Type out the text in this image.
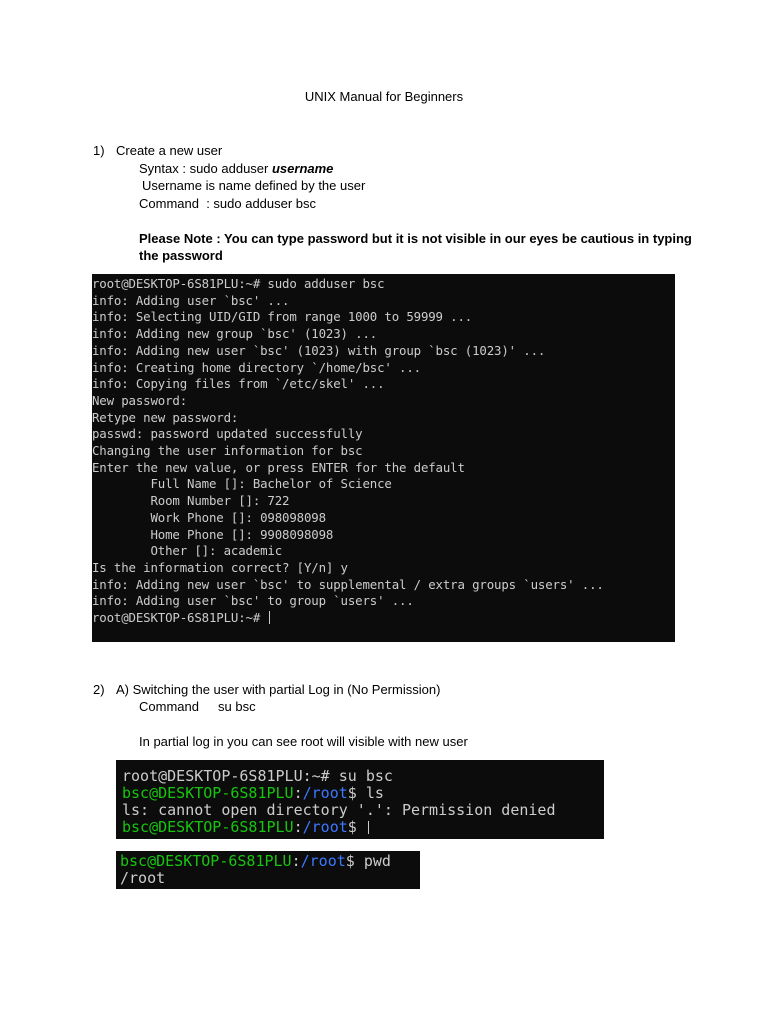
UNIX Manual for Beginners
1) Create a new user
Syntax : sudo adduser username
Username is name defined by the user
Command  : sudo adduser bsc
Please Note : You can type password but it is not visible in our eyes be cautious in typing
the password
root@DESKTOP-6S81PLU:~# sudo adduser bsc
info: Adding user `bsc' ...
info: Selecting UID/GID from range 1000 to 59999 ...
info: Adding new group `bsc' (1023) ...
info: Adding new user `bsc' (1023) with group `bsc (1023)' ...
info: Creating home directory `/home/bsc' ...
info: Copying files from `/etc/skel' ...
New password:
Retype new password:
passwd: password updated successfully
Changing the user information for bsc
Enter the new value, or press ENTER for the default
Full Name []: Bachelor of Science
Room Number []: 722
Work Phone []: 098098098
Home Phone []: 9908098098
Other []: academic
Is the information correct? [Y/n] y
info: Adding new user `bsc' to supplemental / extra groups `users' ...
info: Adding user `bsc' to group `users' ...
root@DESKTOP-6S81PLU:~#
2) A) Switching the user with partial Log in (No Permission)
Command su bsc
In partial log in you can see root will visible with new user
root@DESKTOP-6S81PLU:~# su bsc
bsc@DESKTOP-6S81PLU:/root$ ls
ls: cannot open directory '.': Permission denied
bsc@DESKTOP-6S81PLU:/root$
bsc@DESKTOP-6S81PLU:/root$ pwd
/root
